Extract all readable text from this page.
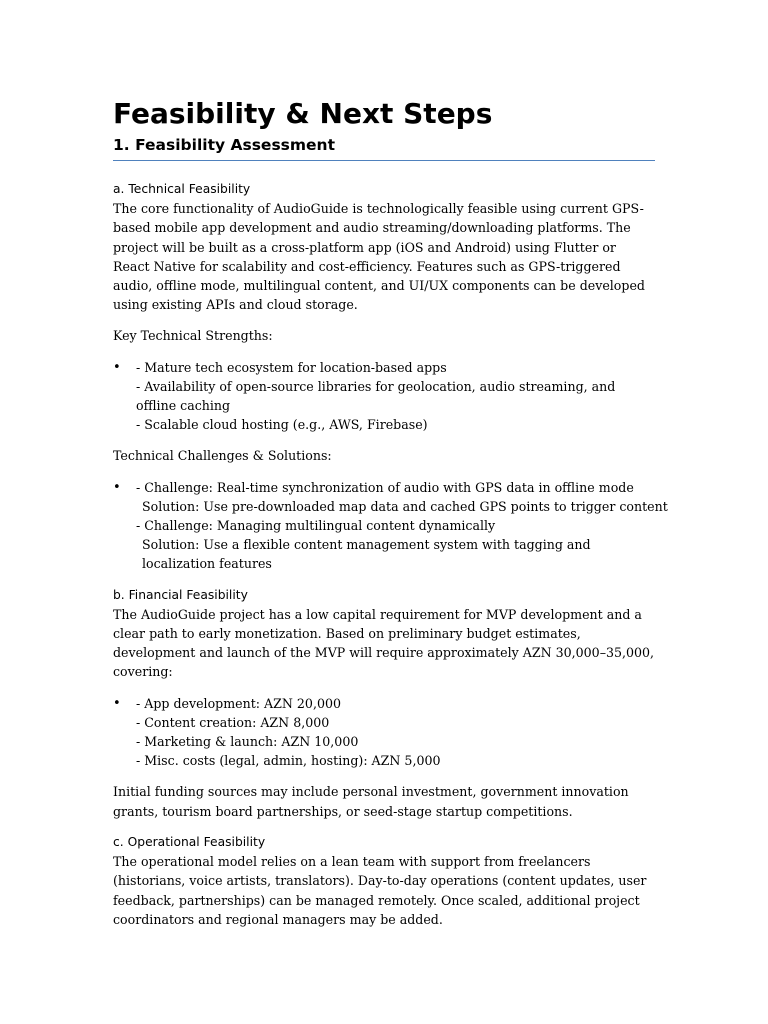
Feasibility & Next Steps
1. Feasibility Assessment

a. Technical Feasibility

The core functionality of AudioGuide is technologically feasible using current GPS-based mobile app development and audio streaming/downloading platforms. The project will be built as a cross-platform app (iOS and Android) using Flutter or React Native for scalability and cost-efficiency. Features such as GPS-triggered audio, offline mode, multilingual content, and UI/UX components can be developed using existing APIs and cloud storage.

Key Technical Strengths:

• - Mature tech ecosystem for location-based apps
- Availability of open-source libraries for geolocation, audio streaming, and offline caching
- Scalable cloud hosting (e.g., AWS, Firebase)

Technical Challenges & Solutions:

• - Challenge: Real-time synchronization of audio with GPS data in offline mode
Solution: Use pre-downloaded map data and cached GPS points to trigger content
- Challenge: Managing multilingual content dynamically
Solution: Use a flexible content management system with tagging and localization features

b. Financial Feasibility

The AudioGuide project has a low capital requirement for MVP development and a clear path to early monetization. Based on preliminary budget estimates, development and launch of the MVP will require approximately AZN 30,000–35,000, covering:

• - App development: AZN 20,000
- Content creation: AZN 8,000
- Marketing & launch: AZN 10,000
- Misc. costs (legal, admin, hosting): AZN 5,000

Initial funding sources may include personal investment, government innovation grants, tourism board partnerships, or seed-stage startup competitions.

c. Operational Feasibility

The operational model relies on a lean team with support from freelancers (historians, voice artists, translators). Day-to-day operations (content updates, user feedback, partnerships) can be managed remotely. Once scaled, additional project coordinators and regional managers may be added.
